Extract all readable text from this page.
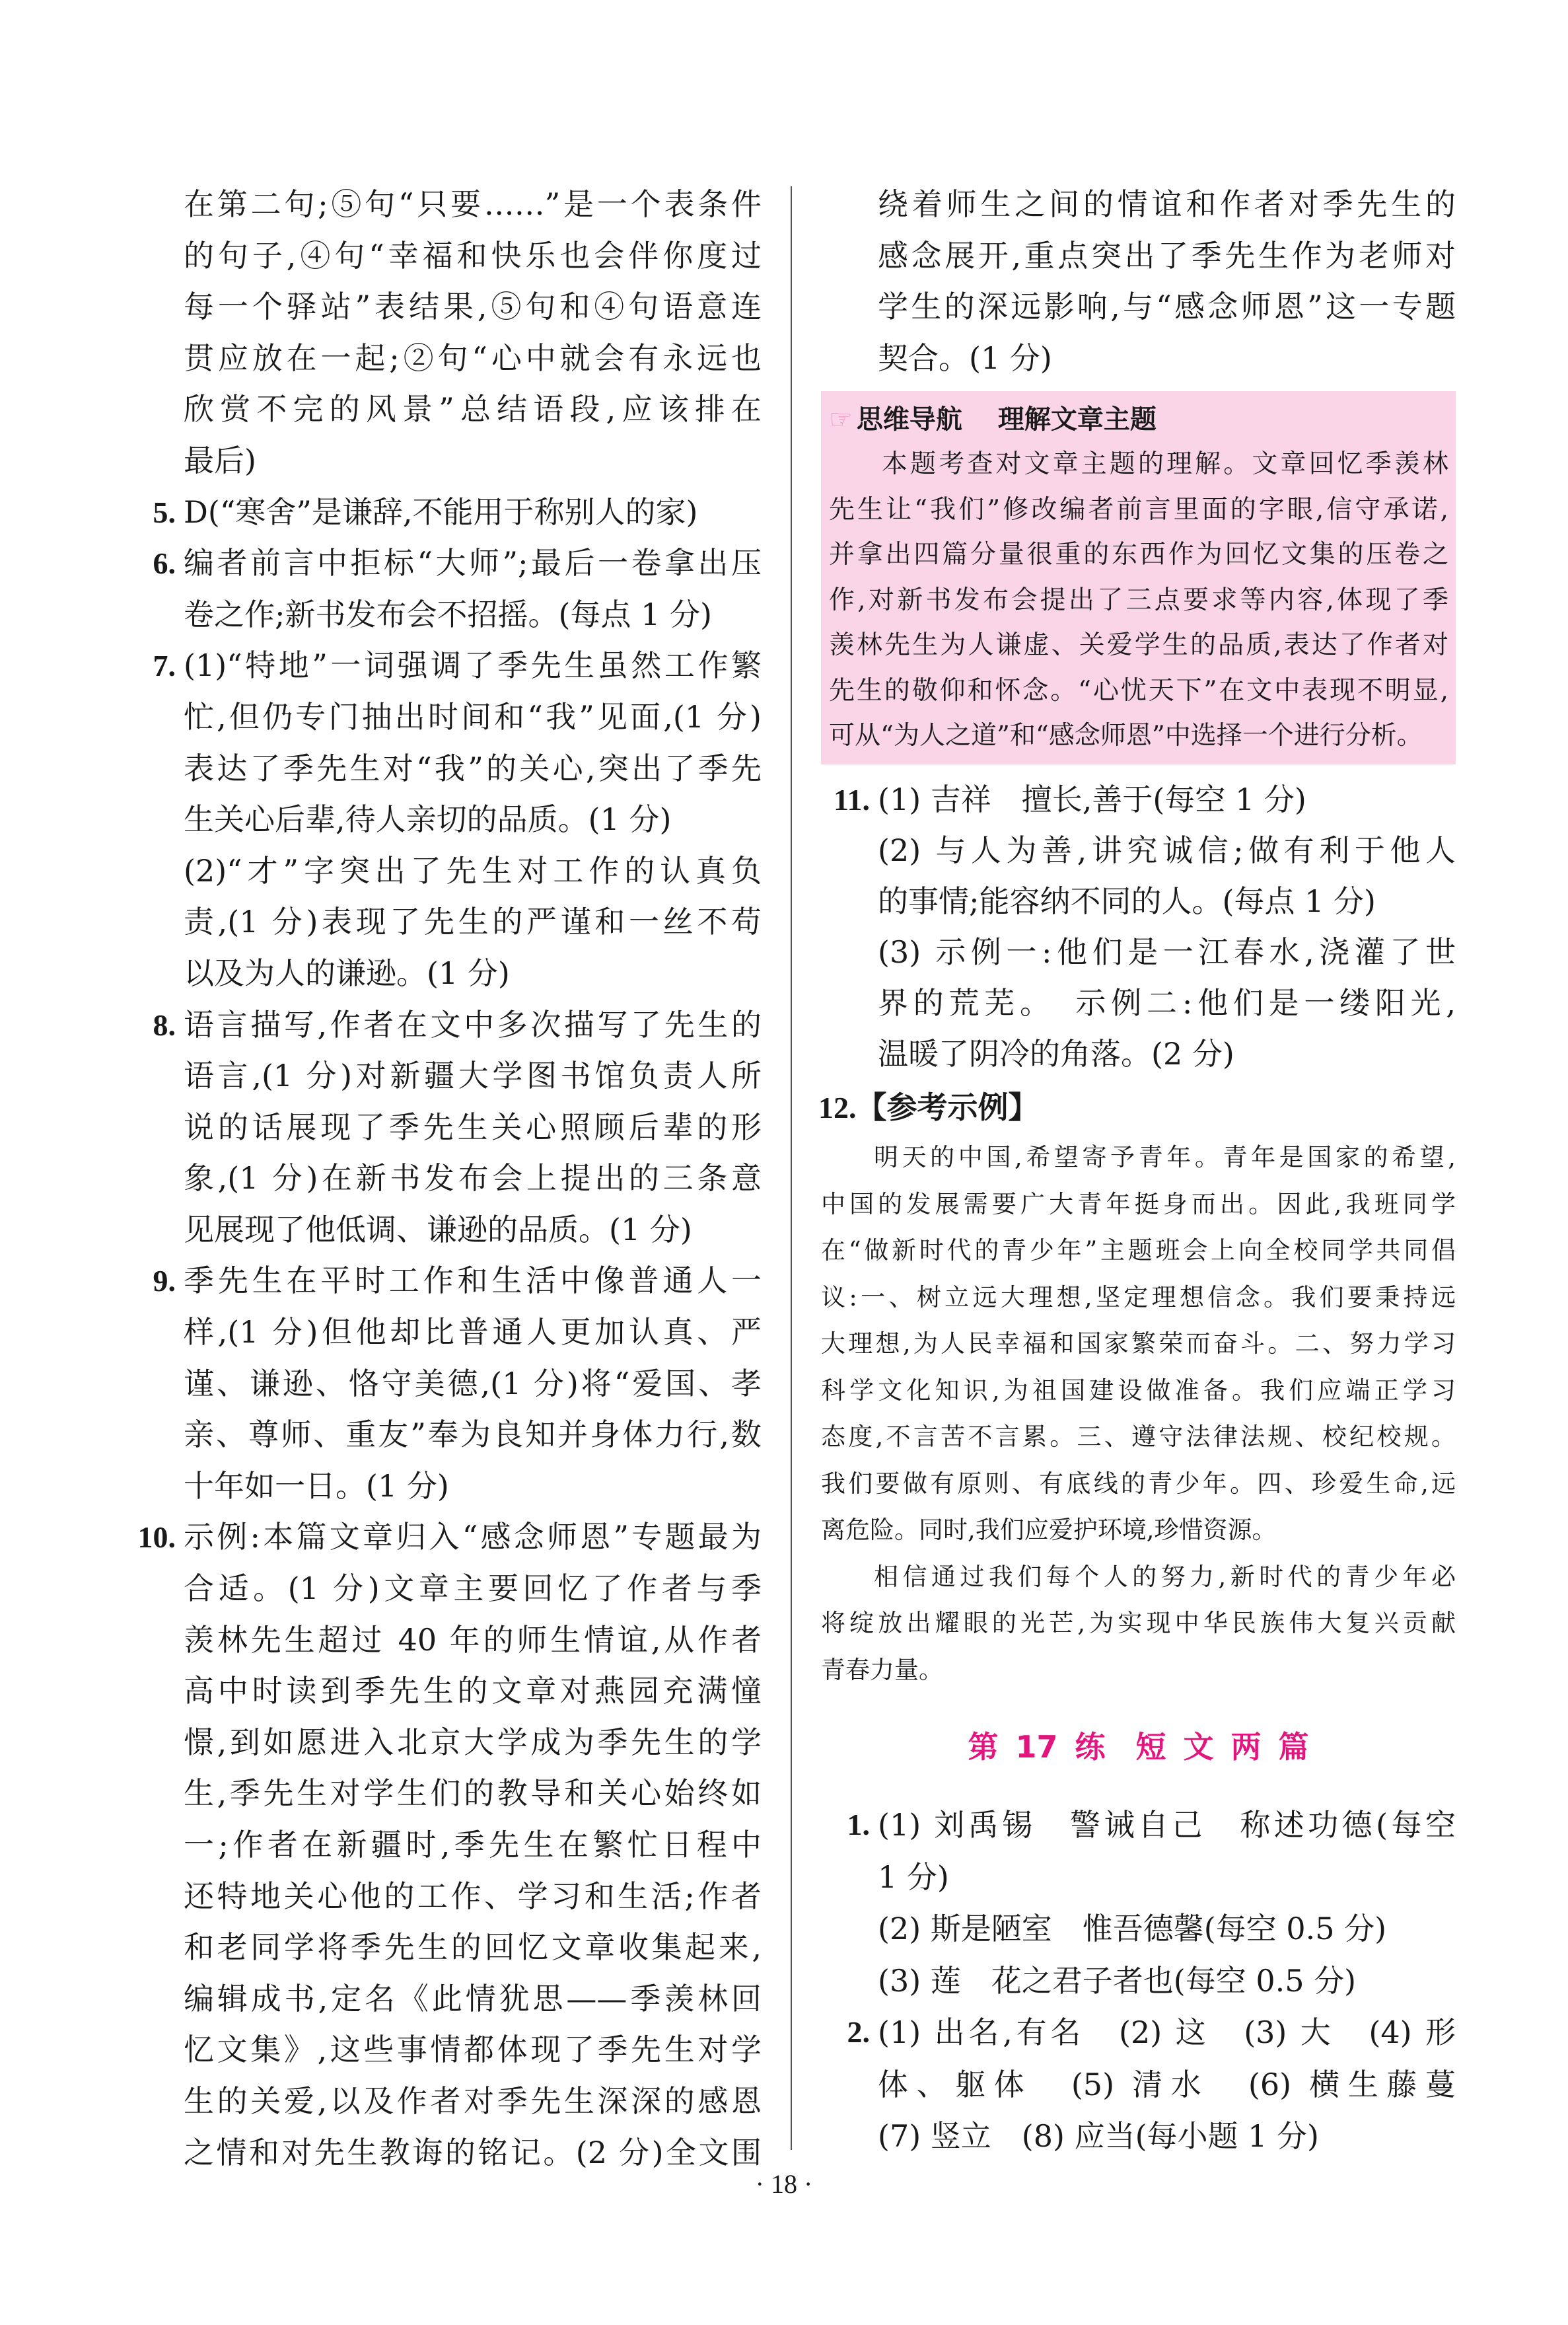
在第二句;⑤句“只要……”是一个表条件
的句子,④句“幸福和快乐也会伴你度过
每一个驿站”表结果,⑤句和④句语意连
贯应放在一起;②句“心中就会有永远也
欣赏不完的风景”总结语段,应该排在
最后)
5. D(“寒舍”是谦辞,不能用于称别人的家)
6. 编者前言中拒标“大师”;最后一卷拿出压
卷之作;新书发布会不招摇。(每点 1 分)
7. (1)“特地”一词强调了季先生虽然工作繁
忙,但仍专门抽出时间和“我”见面,(1 分)
表达了季先生对“我”的关心,突出了季先
生关心后辈,待人亲切的品质。(1 分)
(2)“才”字突出了先生对工作的认真负
责,(1 分)表现了先生的严谨和一丝不苟
以及为人的谦逊。(1 分)
8. 语言描写,作者在文中多次描写了先生的
语言,(1 分)对新疆大学图书馆负责人所
说的话展现了季先生关心照顾后辈的形
象,(1 分)在新书发布会上提出的三条意
见展现了他低调、谦逊的品质。(1 分)
9. 季先生在平时工作和生活中像普通人一
样,(1 分)但他却比普通人更加认真、严
谨、谦逊、恪守美德,(1 分)将“爱国、孝
亲、尊师、重友”奉为良知并身体力行,数
十年如一日。(1 分)
10. 示例:本篇文章归入“感念师恩”专题最为
合适。(1 分)文章主要回忆了作者与季
羡林先生超过 40 年的师生情谊,从作者
高中时读到季先生的文章对燕园充满憧
憬,到如愿进入北京大学成为季先生的学
生,季先生对学生们的教导和关心始终如
一;作者在新疆时,季先生在繁忙日程中
还特地关心他的工作、学习和生活;作者
和老同学将季先生的回忆文章收集起来,
编辑成书,定名《此情犹思——季羡林回
忆文集》,这些事情都体现了季先生对学
生的关爱,以及作者对季先生深深的感恩
之情和对先生教诲的铭记。(2 分)全文围
绕着师生之间的情谊和作者对季先生的
感念展开,重点突出了季先生作为老师对
学生的深远影响,与“感念师恩”这一专题
契合。(1 分)
☞ 思维导航 理解文章主题
本题考查对文章主题的理解。文章回忆季羡林
先生让“我们”修改编者前言里面的字眼,信守承诺,
并拿出四篇分量很重的东西作为回忆文集的压卷之
作,对新书发布会提出了三点要求等内容,体现了季
羡林先生为人谦虚、关爱学生的品质,表达了作者对
先生的敬仰和怀念。“心忧天下”在文中表现不明显,
可从“为人之道”和“感念师恩”中选择一个进行分析。
11. (1) 吉祥　擅长,善于(每空 1 分)
(2) 与人为善,讲究诚信;做有利于他人
的事情;能容纳不同的人。(每点 1 分)
(3) 示例一:他们是一江春水,浇灌了世
界的荒芜。　示例二:他们是一缕阳光,
温暖了阴冷的角落。(2 分)
12.【参考示例】
明天的中国,希望寄予青年。青年是国家的希望,
中国的发展需要广大青年挺身而出。因此,我班同学
在“做新时代的青少年”主题班会上向全校同学共同倡
议:一、树立远大理想,坚定理想信念。我们要秉持远
大理想,为人民幸福和国家繁荣而奋斗。二、努力学习
科学文化知识,为祖国建设做准备。我们应端正学习
态度,不言苦不言累。三、遵守法律法规、校纪校规。
我们要做有原则、有底线的青少年。四、珍爱生命,远
离危险。同时,我们应爱护环境,珍惜资源。
相信通过我们每个人的努力,新时代的青少年必
将绽放出耀眼的光芒,为实现中华民族伟大复兴贡献
青春力量。
第 17 练　短 文 两 篇
1. (1) 刘禹锡　警诫自己　称述功德(每空
1 分)
(2) 斯是陋室　惟吾德馨(每空 0.5 分)
(3) 莲　花之君子者也(每空 0.5 分)
2. (1) 出名,有名　(2) 这　(3) 大　(4) 形
体、躯体　(5) 清水　(6) 横生藤蔓
(7) 竖立　(8) 应当(每小题 1 分)
· 18 ·
